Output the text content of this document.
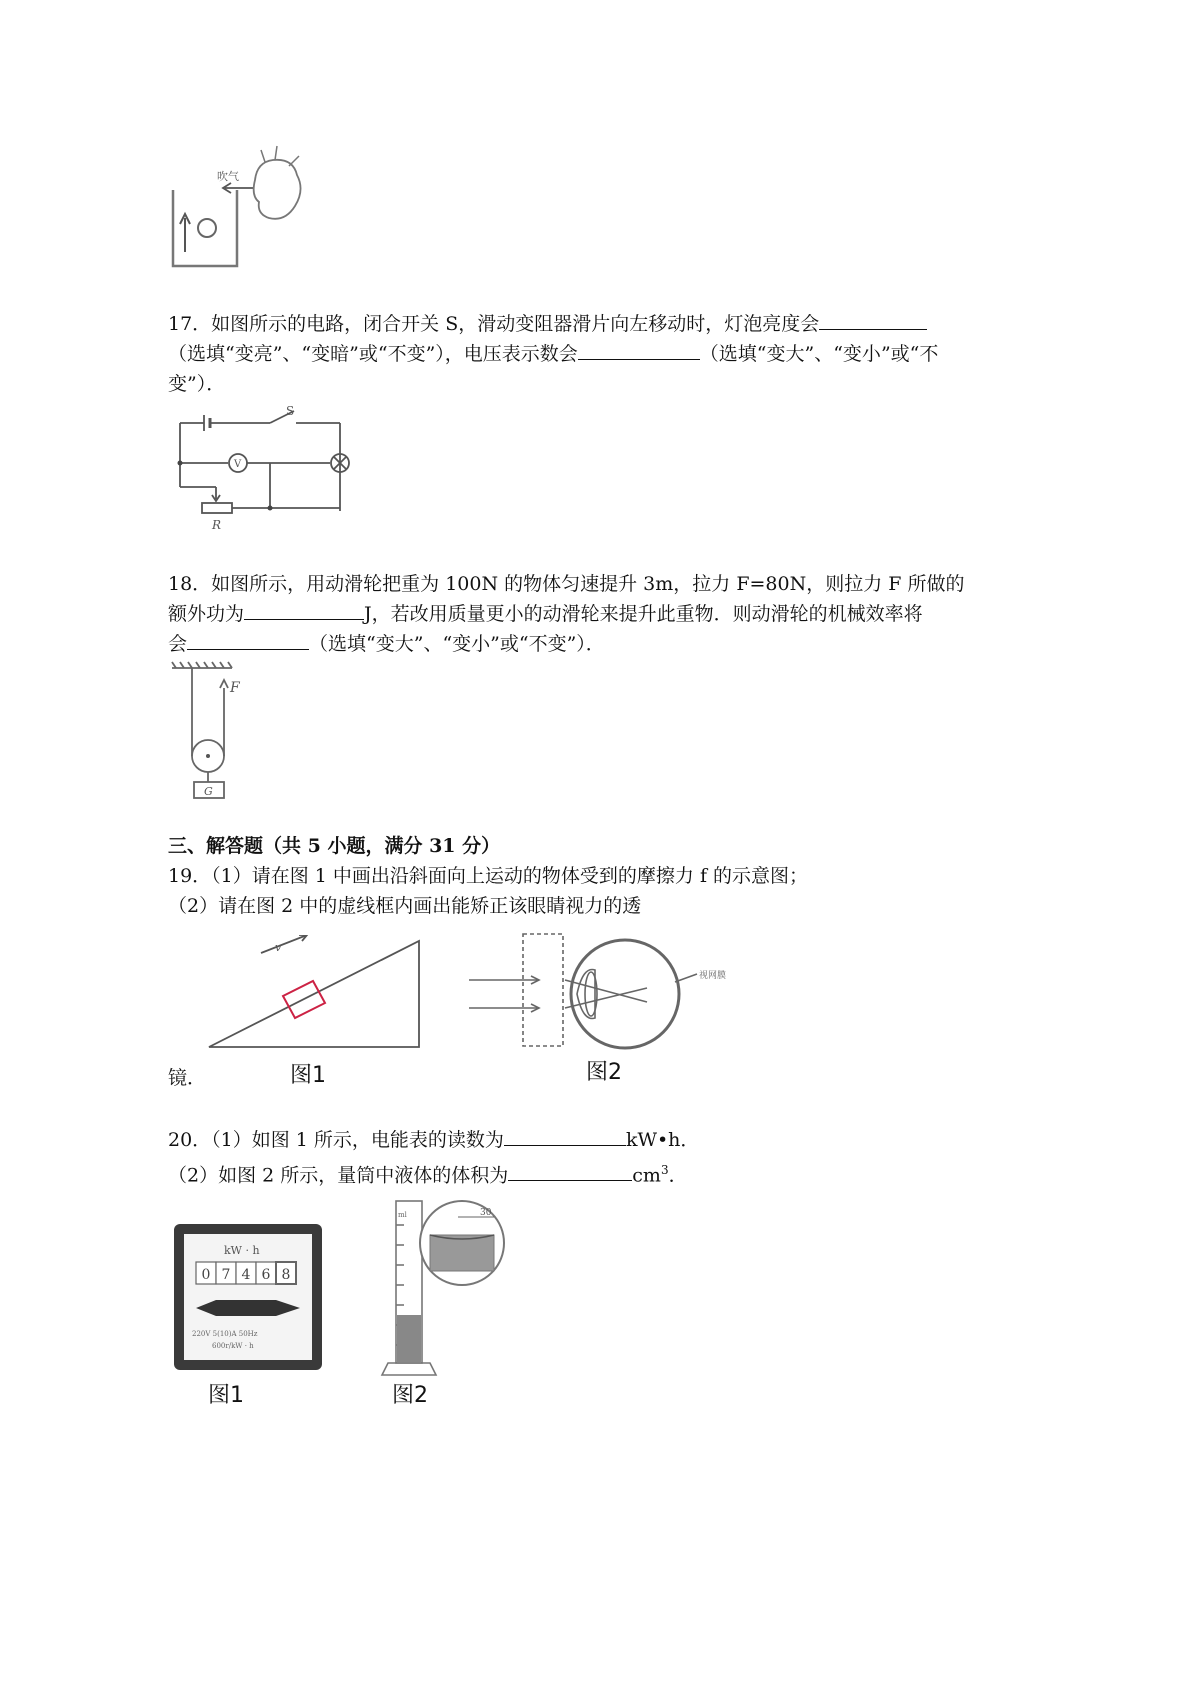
吹气
17．如图所示的电路，闭合开关 S，滑动变阻器滑片向左移动时，灯泡亮度会
（选填“变亮”、“变暗”或“不变”），电压表示数会	（选填“变大”、“变小”或“不
变”）．
S
V
R
18．如图所示，用动滑轮把重为 100N 的物体匀速提升 3m，拉力 F=80N，则拉力 F 所做的
额外功为	J，若改用质量更小的动滑轮来提升此重物．则动滑轮的机械效率将
会	（选填“变大”、“变小”或“不变”）．
F
G
三、解答题（共 5 小题，满分 31 分）
19．（1）请在图 1 中画出沿斜面向上运动的物体受到的摩擦力 f 的示意图；
（2）请在图 2 中的虚线框内画出能矫正该眼睛视力的透
v
图1
视网膜
图2
镜．
20．（1）如图 1 所示，电能表的读数为	kW•h．
（2）如图 2 所示，量筒中液体的体积为	$cm^3$．
kW · h
0 7 4 6 8
220V 5(10)A 50Hz
600r/kW · h
图1
30
ml
图2
